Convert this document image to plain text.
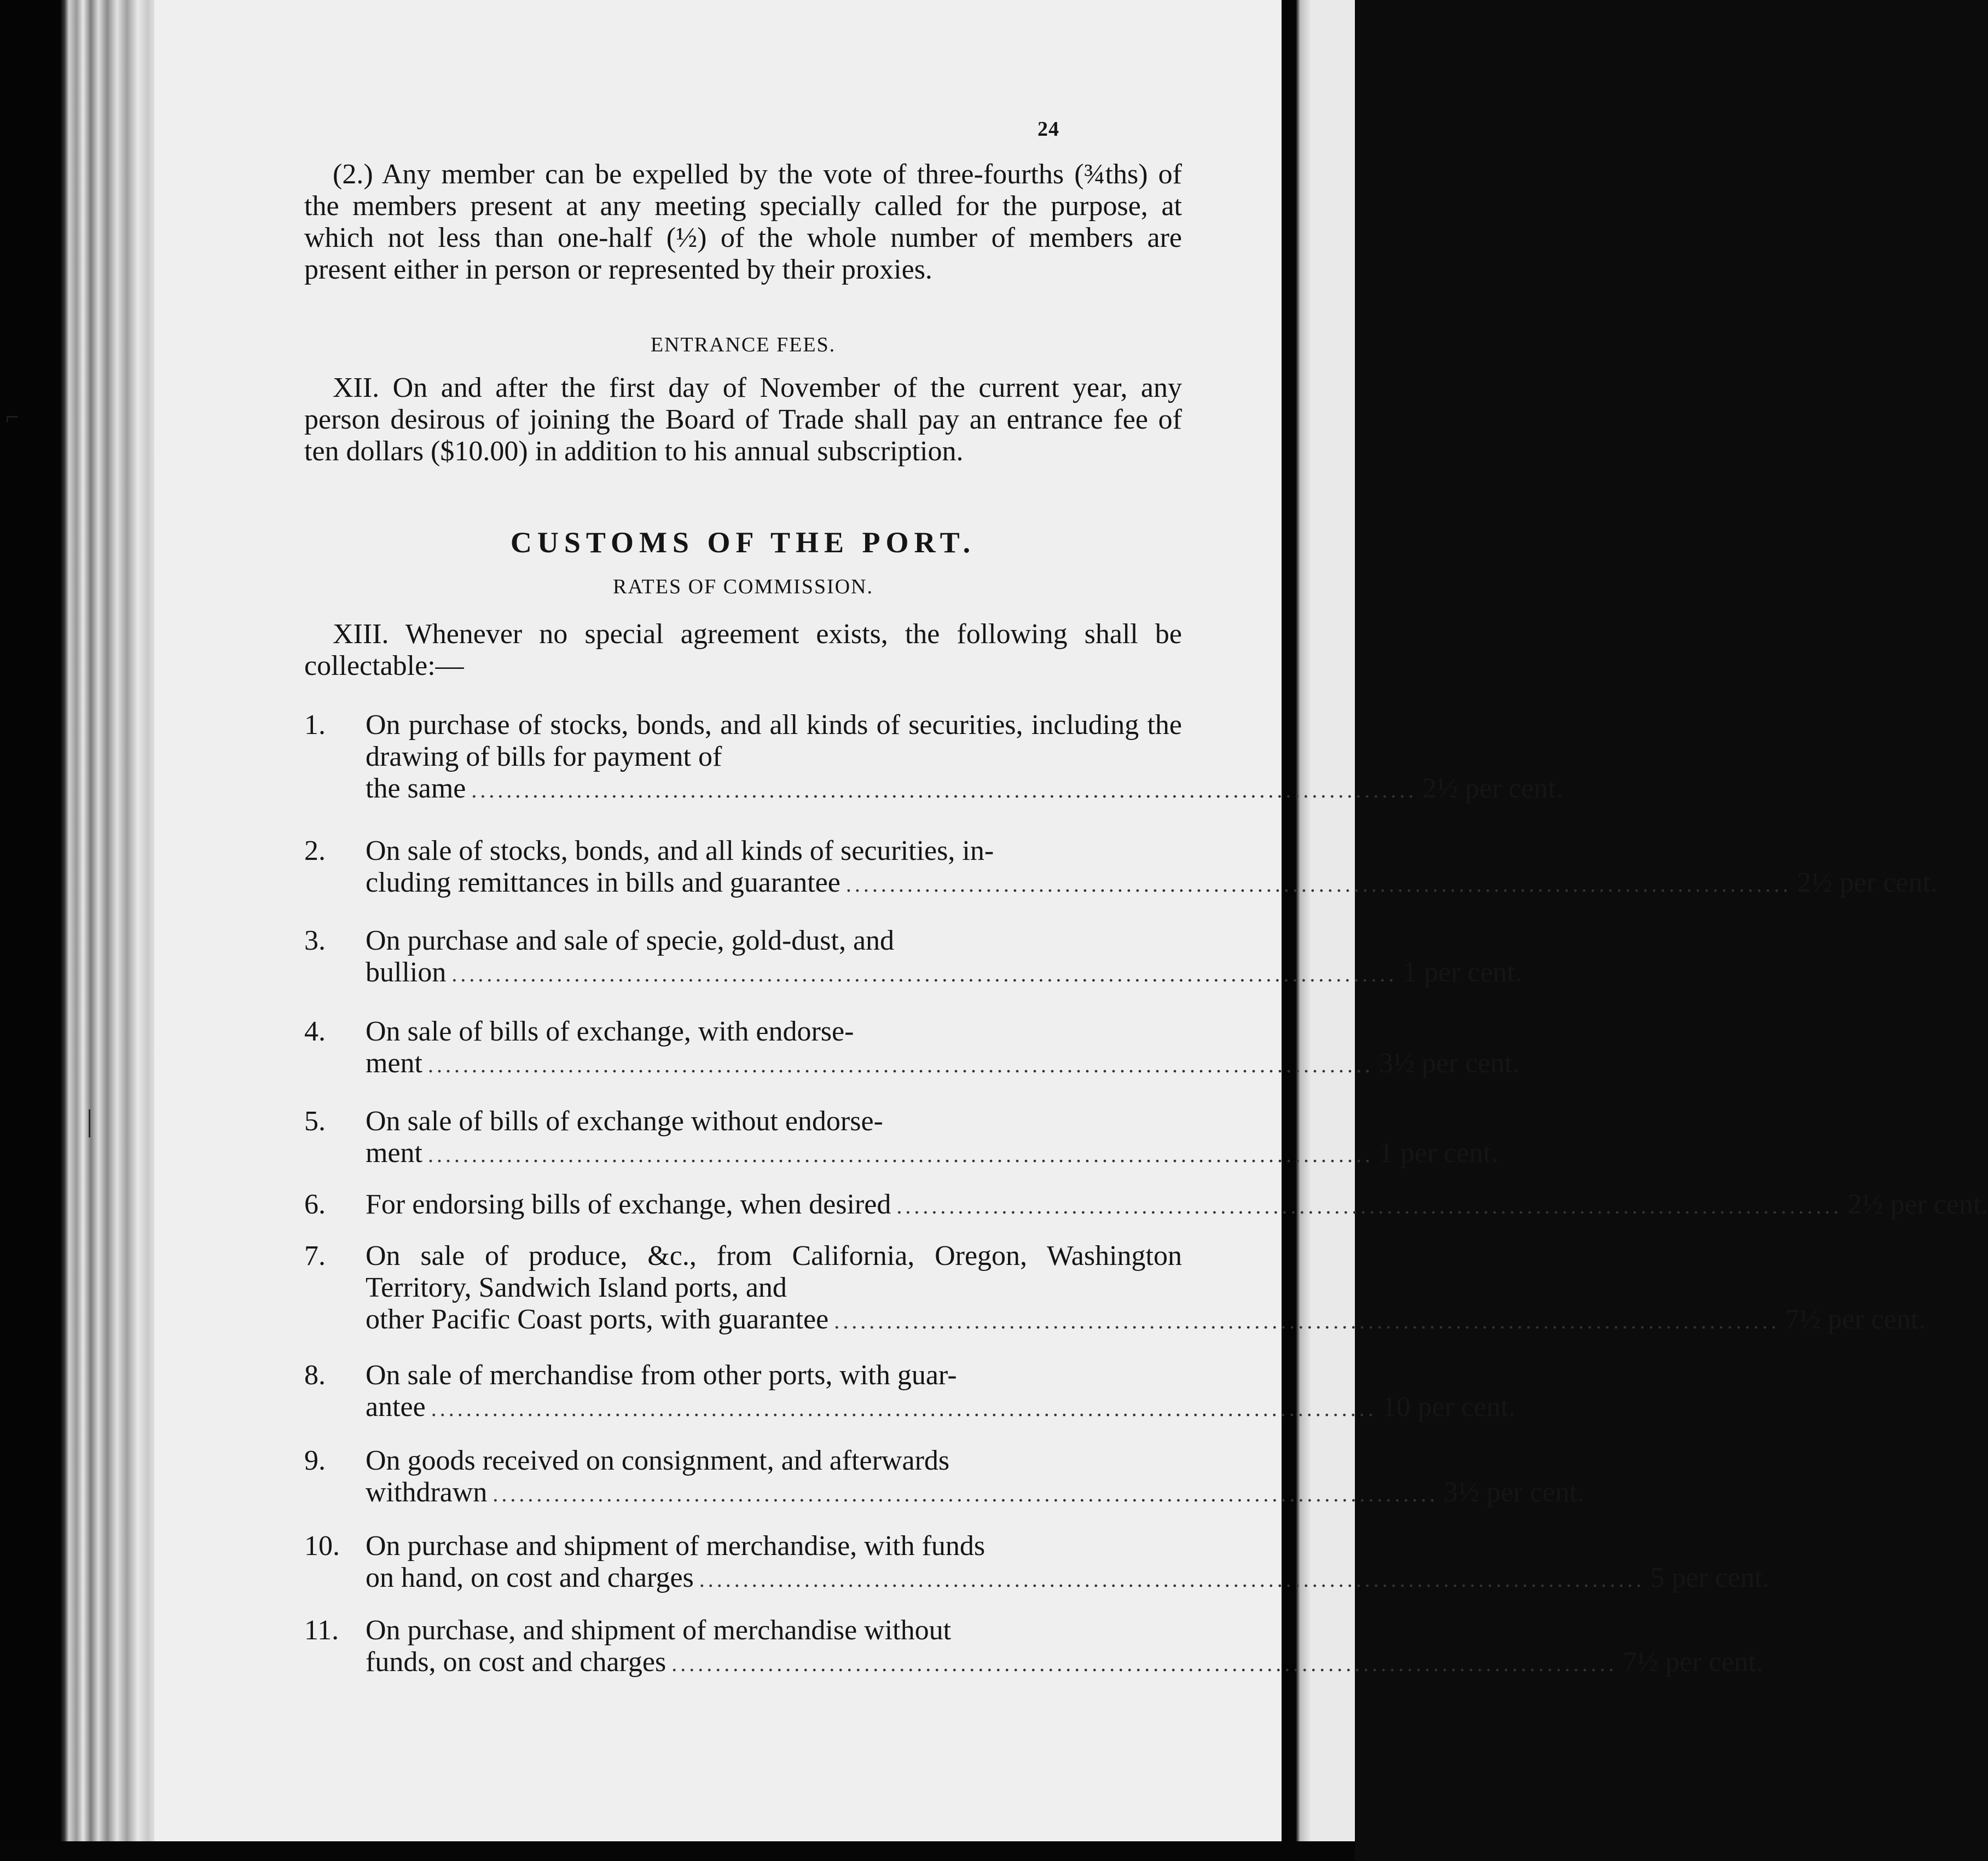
⌐
|
24

(2.) Any member can be expelled by the vote of three-fourths (¾ths) of the members present at any meeting specially called for the purpose, at which not less than one-half (½) of the whole number of members are present either in person or represented by their proxies.

ENTRANCE FEES.

XII. On and after the first day of November of the current year, any person desirous of joining the Board of Trade shall pay an entrance fee of ten dollars ($10.00) in addition to his annual subscription.

CUSTOMS OF THE PORT.

RATES OF COMMISSION.

XIII. Whenever no special agreement exists, the following shall be collectable:—

1.	On purchase of stocks, bonds, and all kinds of securities, including the drawing of bills for payment of
the same ............................................................................................................ 2½ per cent.
2.	On sale of stocks, bonds, and all kinds of securities, in-
cluding remittances in bills and guarantee ............................................................................................................ 2½ per cent.
3.	On purchase and sale of specie, gold-dust, and
bullion ............................................................................................................ 1 per cent.
4.	On sale of bills of exchange, with endorse-
ment ............................................................................................................ 3½ per cent.
5.	On sale of bills of exchange without endorse-
ment ............................................................................................................ 1 per cent.
6.	For endorsing bills of exchange, when desired ............................................................................................................ 2½ per cent.
7.	On sale of produce, &c., from California, Oregon, Washington Territory, Sandwich Island ports, and
other Pacific Coast ports, with guarantee ............................................................................................................ 7½ per cent.
8.	On sale of merchandise from other ports, with guar-
antee ............................................................................................................ 10 per cent.
9.	On goods received on consignment, and afterwards
withdrawn ............................................................................................................ 3½ per cent.
10. On purchase and shipment of merchandise, with funds
on hand, on cost and charges ............................................................................................................ 5 per cent.
11. On purchase, and shipment of merchandise without
funds, on cost and charges ............................................................................................................ 7½ per cent.
